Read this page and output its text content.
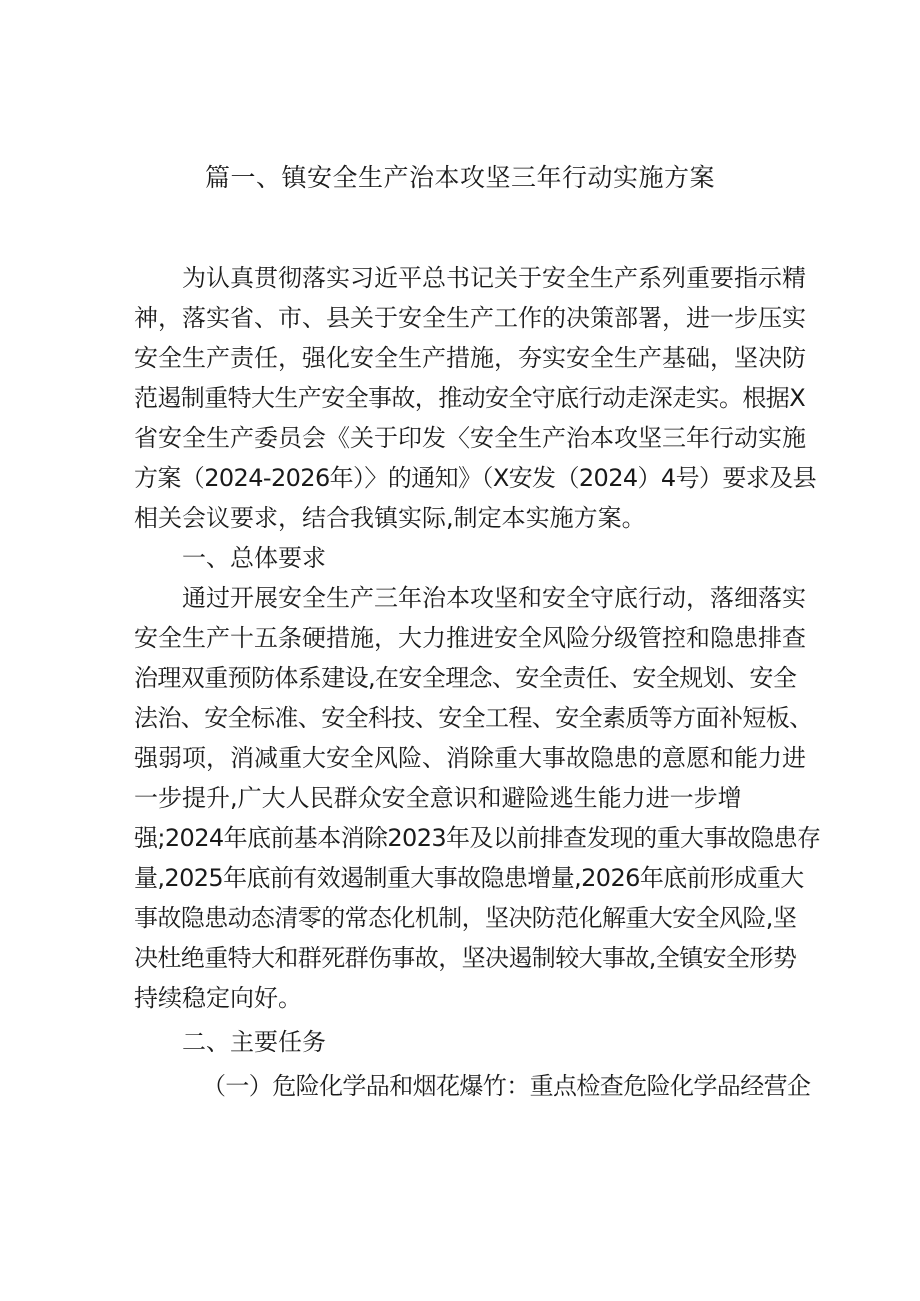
篇一、镇安全生产治本攻坚三年行动实施方案
为认真贯彻落实习近平总书记关于安全生产系列重要指示精
神，落实省、市、县关于安全生产工作的决策部署，进一步压实
安全生产责任，强化安全生产措施，夯实安全生产基础，坚决防
范遏制重特大生产安全事故，推动安全守底行动走深走实。根据X
省安全生产委员会《关于印发〈安全生产治本攻坚三年行动实施
方案（2024-2026年）〉的通知》（X安发（2024）4号）要求及县
相关会议要求，结合我镇实际,制定本实施方案。
一、总体要求
通过开展安全生产三年治本攻坚和安全守底行动，落细落实
安全生产十五条硬措施，大力推进安全风险分级管控和隐患排查
治理双重预防体系建设,在安全理念、安全责任、安全规划、安全
法治、安全标准、安全科技、安全工程、安全素质等方面补短板、
强弱项，消减重大安全风险、消除重大事故隐患的意愿和能力进
一步提升,广大人民群众安全意识和避险逃生能力进一步增
强;2024年底前基本消除2023年及以前排查发现的重大事故隐患存
量,2025年底前有效遏制重大事故隐患增量,2026年底前形成重大
事故隐患动态清零的常态化机制，坚决防范化解重大安全风险,坚
决杜绝重特大和群死群伤事故，坚决遏制较大事故,全镇安全形势
持续稳定向好。
二、主要任务
（一）危险化学品和烟花爆竹：重点检查危险化学品经营企
